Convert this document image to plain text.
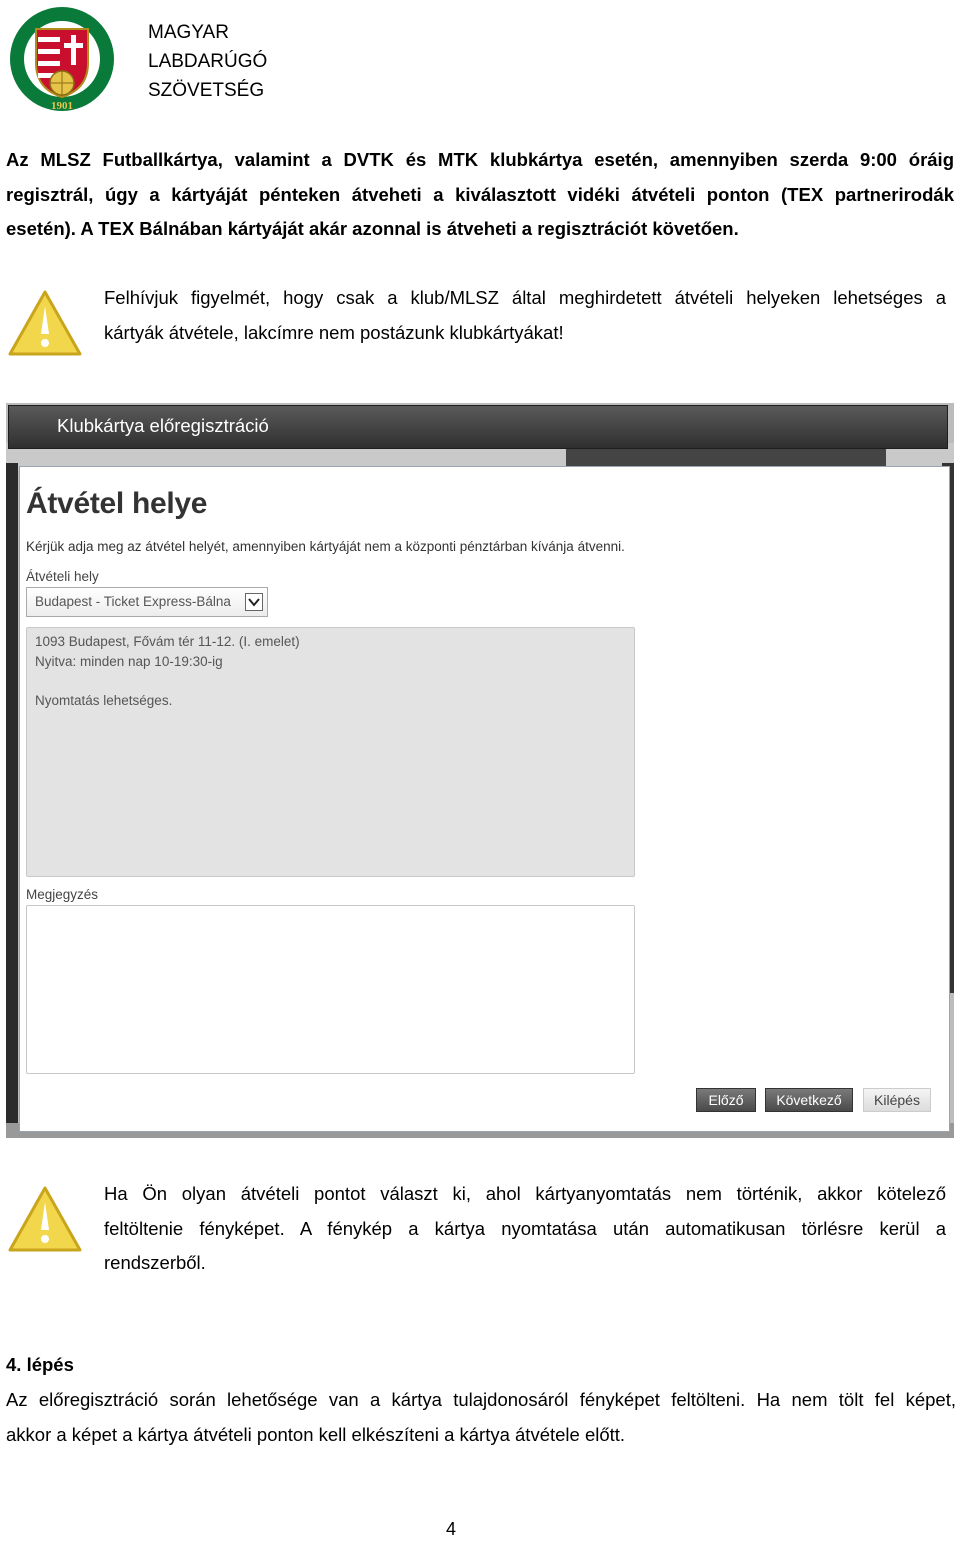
1901
MAGYAR
LABDARÚGÓ
SZÖVETSÉG
Az MLSZ Futballkártya, valamint a DVTK és MTK klubkártya esetén, amennyiben szerda 9:00 óráig
regisztrál, úgy a kártyáját pénteken átveheti a kiválasztott vidéki átvételi ponton (TEX partnerirodák
esetén). A TEX Bálnában kártyáját akár azonnal is átveheti a regisztrációt követően.
Felhívjuk figyelmét, hogy csak a klub/MLSZ által meghirdetett átvételi helyeken lehetséges a
kártyák átvétele, lakcímre nem postázunk klubkártyákat!
Klubkártya előregisztráció
Átvétel helye
Kérjük adja meg az átvétel helyét, amennyiben kártyáját nem a központi pénztárban kívánja átvenni.
Átvételi hely
Budapest - Ticket Express-Bálna
1093 Budapest, Fővám tér 11-12. (I. emelet)
Nyitva: minden nap 10-19:30-ig
Nyomtatás lehetséges.
Megjegyzés
Előző	Következő	Kilépés
Ha Ön olyan átvételi pontot választ ki, ahol kártyanyomtatás nem történik, akkor kötelező
feltöltenie fényképet. A fénykép a kártya nyomtatása után automatikusan törlésre kerül a
rendszerből.
4. lépés
Az előregisztráció során lehetősége van a kártya tulajdonosáról fényképet feltölteni. Ha nem tölt fel képet,
akkor a képet a kártya átvételi ponton kell elkészíteni a kártya átvétele előtt.
4
